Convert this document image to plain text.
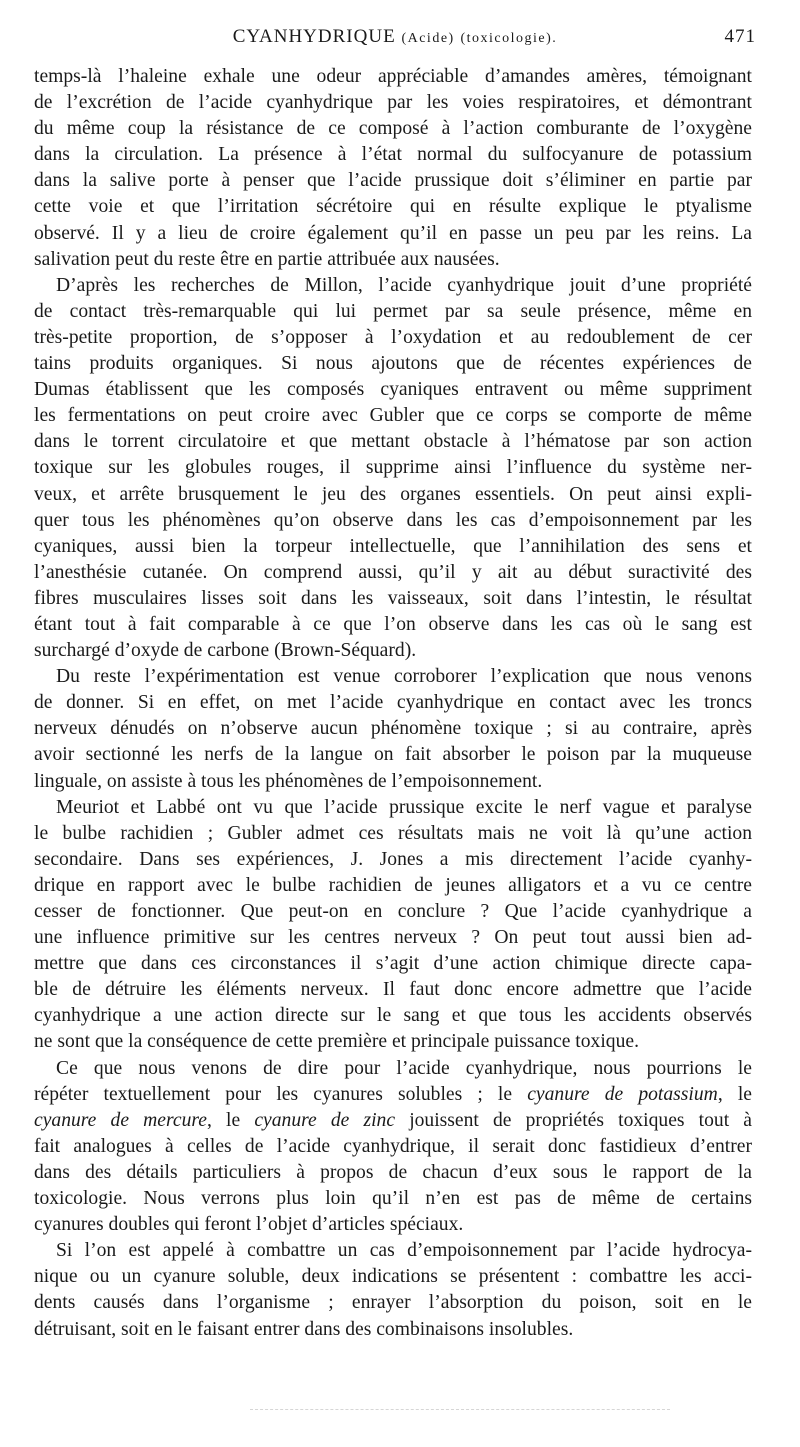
CYANHYDRIQUE (Acide) (toxicologie).	471
temps-là l’haleine exhale une odeur appréciable d’amandes amères, témoignant
de l’excrétion de l’acide cyanhydrique par les voies respiratoires, et démontrant
du même coup la résistance de ce composé à l’action comburante de l’oxygène
dans la circulation. La présence à l’état normal du sulfocyanure de potassium
dans la salive porte à penser que l’acide prussique doit s’éliminer en partie par
cette voie et que l’irritation sécrétoire qui en résulte explique le ptyalisme
observé. Il y a lieu de croire également qu’il en passe un peu par les reins. La
salivation peut du reste être en partie attribuée aux nausées.
D’après les recherches de Millon, l’acide cyanhydrique jouit d’une propriété
de contact très-remarquable qui lui permet par sa seule présence, même en
très-petite proportion, de s’opposer à l’oxydation et au redoublement de cer
tains produits organiques. Si nous ajoutons que de récentes expériences de
Dumas établissent que les composés cyaniques entravent ou même suppriment
les fermentations on peut croire avec Gubler que ce corps se comporte de même
dans le torrent circulatoire et que mettant obstacle à l’hématose par son action
toxique sur les globules rouges, il supprime ainsi l’influence du système ner-
veux, et arrête brusquement le jeu des organes essentiels. On peut ainsi expli-
quer tous les phénomènes qu’on observe dans les cas d’empoisonnement par les
cyaniques, aussi bien la torpeur intellectuelle, que l’annihilation des sens et
l’anesthésie cutanée. On comprend aussi, qu’il y ait au début suractivité des
fibres musculaires lisses soit dans les vaisseaux, soit dans l’intestin, le résultat
étant tout à fait comparable à ce que l’on observe dans les cas où le sang est
surchargé d’oxyde de carbone (Brown-Séquard).
Du reste l’expérimentation est venue corroborer l’explication que nous venons
de donner. Si en effet, on met l’acide cyanhydrique en contact avec les troncs
nerveux dénudés on n’observe aucun phénomène toxique ; si au contraire, après
avoir sectionné les nerfs de la langue on fait absorber le poison par la muqueuse
linguale, on assiste à tous les phénomènes de l’empoisonnement.
Meuriot et Labbé ont vu que l’acide prussique excite le nerf vague et paralyse
le bulbe rachidien ; Gubler admet ces résultats mais ne voit là qu’une action
secondaire. Dans ses expériences, J. Jones a mis directement l’acide cyanhy-
drique en rapport avec le bulbe rachidien de jeunes alligators et a vu ce centre
cesser de fonctionner. Que peut-on en conclure ? Que l’acide cyanhydrique a
une influence primitive sur les centres nerveux ? On peut tout aussi bien ad-
mettre que dans ces circonstances il s’agit d’une action chimique directe capa-
ble de détruire les éléments nerveux. Il faut donc encore admettre que l’acide
cyanhydrique a une action directe sur le sang et que tous les accidents observés
ne sont que la conséquence de cette première et principale puissance toxique.
Ce que nous venons de dire pour l’acide cyanhydrique, nous pourrions le
répéter textuellement pour les cyanures solubles ; le cyanure de potassium, le
cyanure de mercure, le cyanure de zinc jouissent de propriétés toxiques tout à
fait analogues à celles de l’acide cyanhydrique, il serait donc fastidieux d’entrer
dans des détails particuliers à propos de chacun d’eux sous le rapport de la
toxicologie. Nous verrons plus loin qu’il n’en est pas de même de certains
cyanures doubles qui feront l’objet d’articles spéciaux.
Si l’on est appelé à combattre un cas d’empoisonnement par l’acide hydrocya-
nique ou un cyanure soluble, deux indications se présentent : combattre les acci-
dents causés dans l’organisme ; enrayer l’absorption du poison, soit en le
détruisant, soit en le faisant entrer dans des combinaisons insolubles.
